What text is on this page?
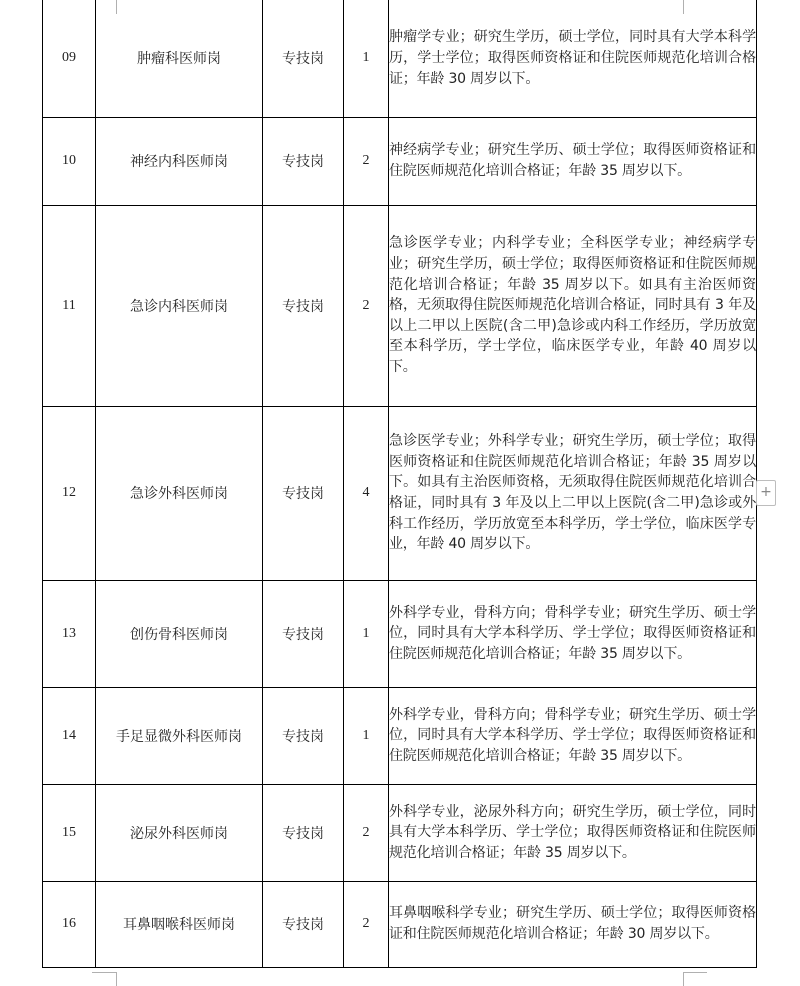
09	肿瘤科医师岗	专技岗	1	肿瘤学专业；研究生学历，硕士学位，同时具有大学本科学历，学士学位；取得医师资格证和住院医师规范化培训合格证；年龄 30 周岁以下。
10	神经内科医师岗	专技岗	2	神经病学专业；研究生学历、硕士学位；取得医师资格证和住院医师规范化培训合格证；年龄 35 周岁以下。
11	急诊内科医师岗	专技岗	2	急诊医学专业；内科学专业；全科医学专业；神经病学专业；研究生学历，硕士学位；取得医师资格证和住院医师规范化培训合格证；年龄 35 周岁以下。如具有主治医师资格，无须取得住院医师规范化培训合格证，同时具有 3 年及以上二甲以上医院(含二甲)急诊或内科工作经历，学历放宽至本科学历，学士学位，临床医学专业，年龄 40 周岁以下。
12	急诊外科医师岗	专技岗	4	急诊医学专业；外科学专业；研究生学历，硕士学位；取得医师资格证和住院医师规范化培训合格证；年龄 35 周岁以下。如具有主治医师资格，无须取得住院医师规范化培训合格证，同时具有 3 年及以上二甲以上医院(含二甲)急诊或外科工作经历，学历放宽至本科学历，学士学位，临床医学专业，年龄 40 周岁以下。
13	创伤骨科医师岗	专技岗	1	外科学专业，骨科方向；骨科学专业；研究生学历、硕士学位，同时具有大学本科学历、学士学位；取得医师资格证和住院医师规范化培训合格证；年龄 35 周岁以下。
14	手足显微外科医师岗	专技岗	1	外科学专业，骨科方向；骨科学专业；研究生学历、硕士学位，同时具有大学本科学历、学士学位；取得医师资格证和住院医师规范化培训合格证；年龄 35 周岁以下。
15	泌尿外科医师岗	专技岗	2	外科学专业，泌尿外科方向；研究生学历，硕士学位，同时具有大学本科学历、学士学位；取得医师资格证和住院医师规范化培训合格证；年龄 35 周岁以下。
16	耳鼻咽喉科医师岗	专技岗	2	耳鼻咽喉科学专业；研究生学历、硕士学位；取得医师资格证和住院医师规范化培训合格证；年龄 30 周岁以下。
+
